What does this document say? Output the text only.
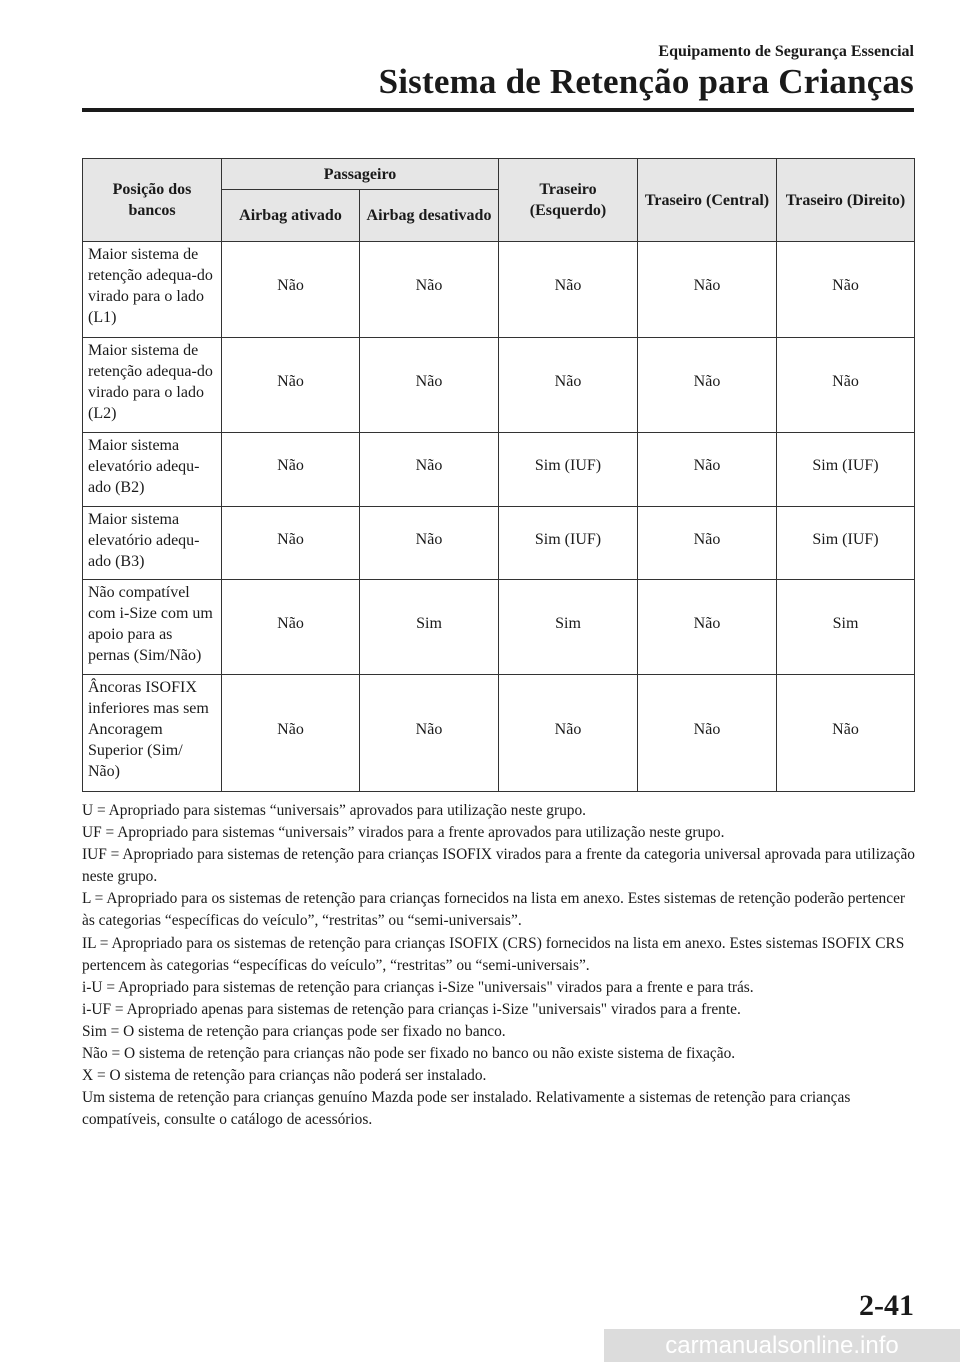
Equipamento de Segurança Essencial
Sistema de Retenção para Crianças
Posição dos bancos	Passageiro		Traseiro (Esquerdo)	Traseiro (Central)	Traseiro (Direito)
	Airbag ativado	Airbag desativado			
Maior sistema de retenção adequa-do virado para o lado (L1)	Não	Não	Não	Não	Não
Maior sistema de retenção adequa-do virado para o lado (L2)	Não	Não	Não	Não	Não
Maior sistema elevatório adequ-ado (B2)	Não	Não	Sim (IUF)	Não	Sim (IUF)
Maior sistema elevatório adequ-ado (B3)	Não	Não	Sim (IUF)	Não	Sim (IUF)
Não compatível com i-Size com um apoio para as pernas (Sim/Não)	Não	Sim	Sim	Não	Sim
Âncoras ISOFIX inferiores mas sem Ancoragem Superior (Sim/ Não)	Não	Não	Não	Não	Não

U = Apropriado para sistemas “universais” aprovados para utilização neste grupo.

UF = Apropriado para sistemas “universais” virados para a frente aprovados para utilização neste grupo.

IUF = Apropriado para sistemas de retenção para crianças ISOFIX virados para a frente da categoria universal aprovada para utilização neste grupo.

L = Apropriado para os sistemas de retenção para crianças fornecidos na lista em anexo. Estes sistemas de retenção poderão pertencer às categorias “específicas do veículo”, “restritas” ou “semi-universais”.

IL = Apropriado para os sistemas de retenção para crianças ISOFIX (CRS) fornecidos na lista em anexo. Estes sistemas ISOFIX CRS pertencem às categorias “específicas do veículo”, “restritas” ou “semi-universais”.

i-U = Apropriado para sistemas de retenção para crianças i-Size "universais" virados para a frente e para trás.

i-UF = Apropriado apenas para sistemas de retenção para crianças i-Size "universais" virados para a frente.

Sim = O sistema de retenção para crianças pode ser fixado no banco.

Não = O sistema de retenção para crianças não pode ser fixado no banco ou não existe sistema de fixação.

X = O sistema de retenção para crianças não poderá ser instalado.

Um sistema de retenção para crianças genuíno Mazda pode ser instalado. Relativamente a sistemas de retenção para crianças compatíveis, consulte o catálogo de acessórios.

2-41
carmanualsonline.info
